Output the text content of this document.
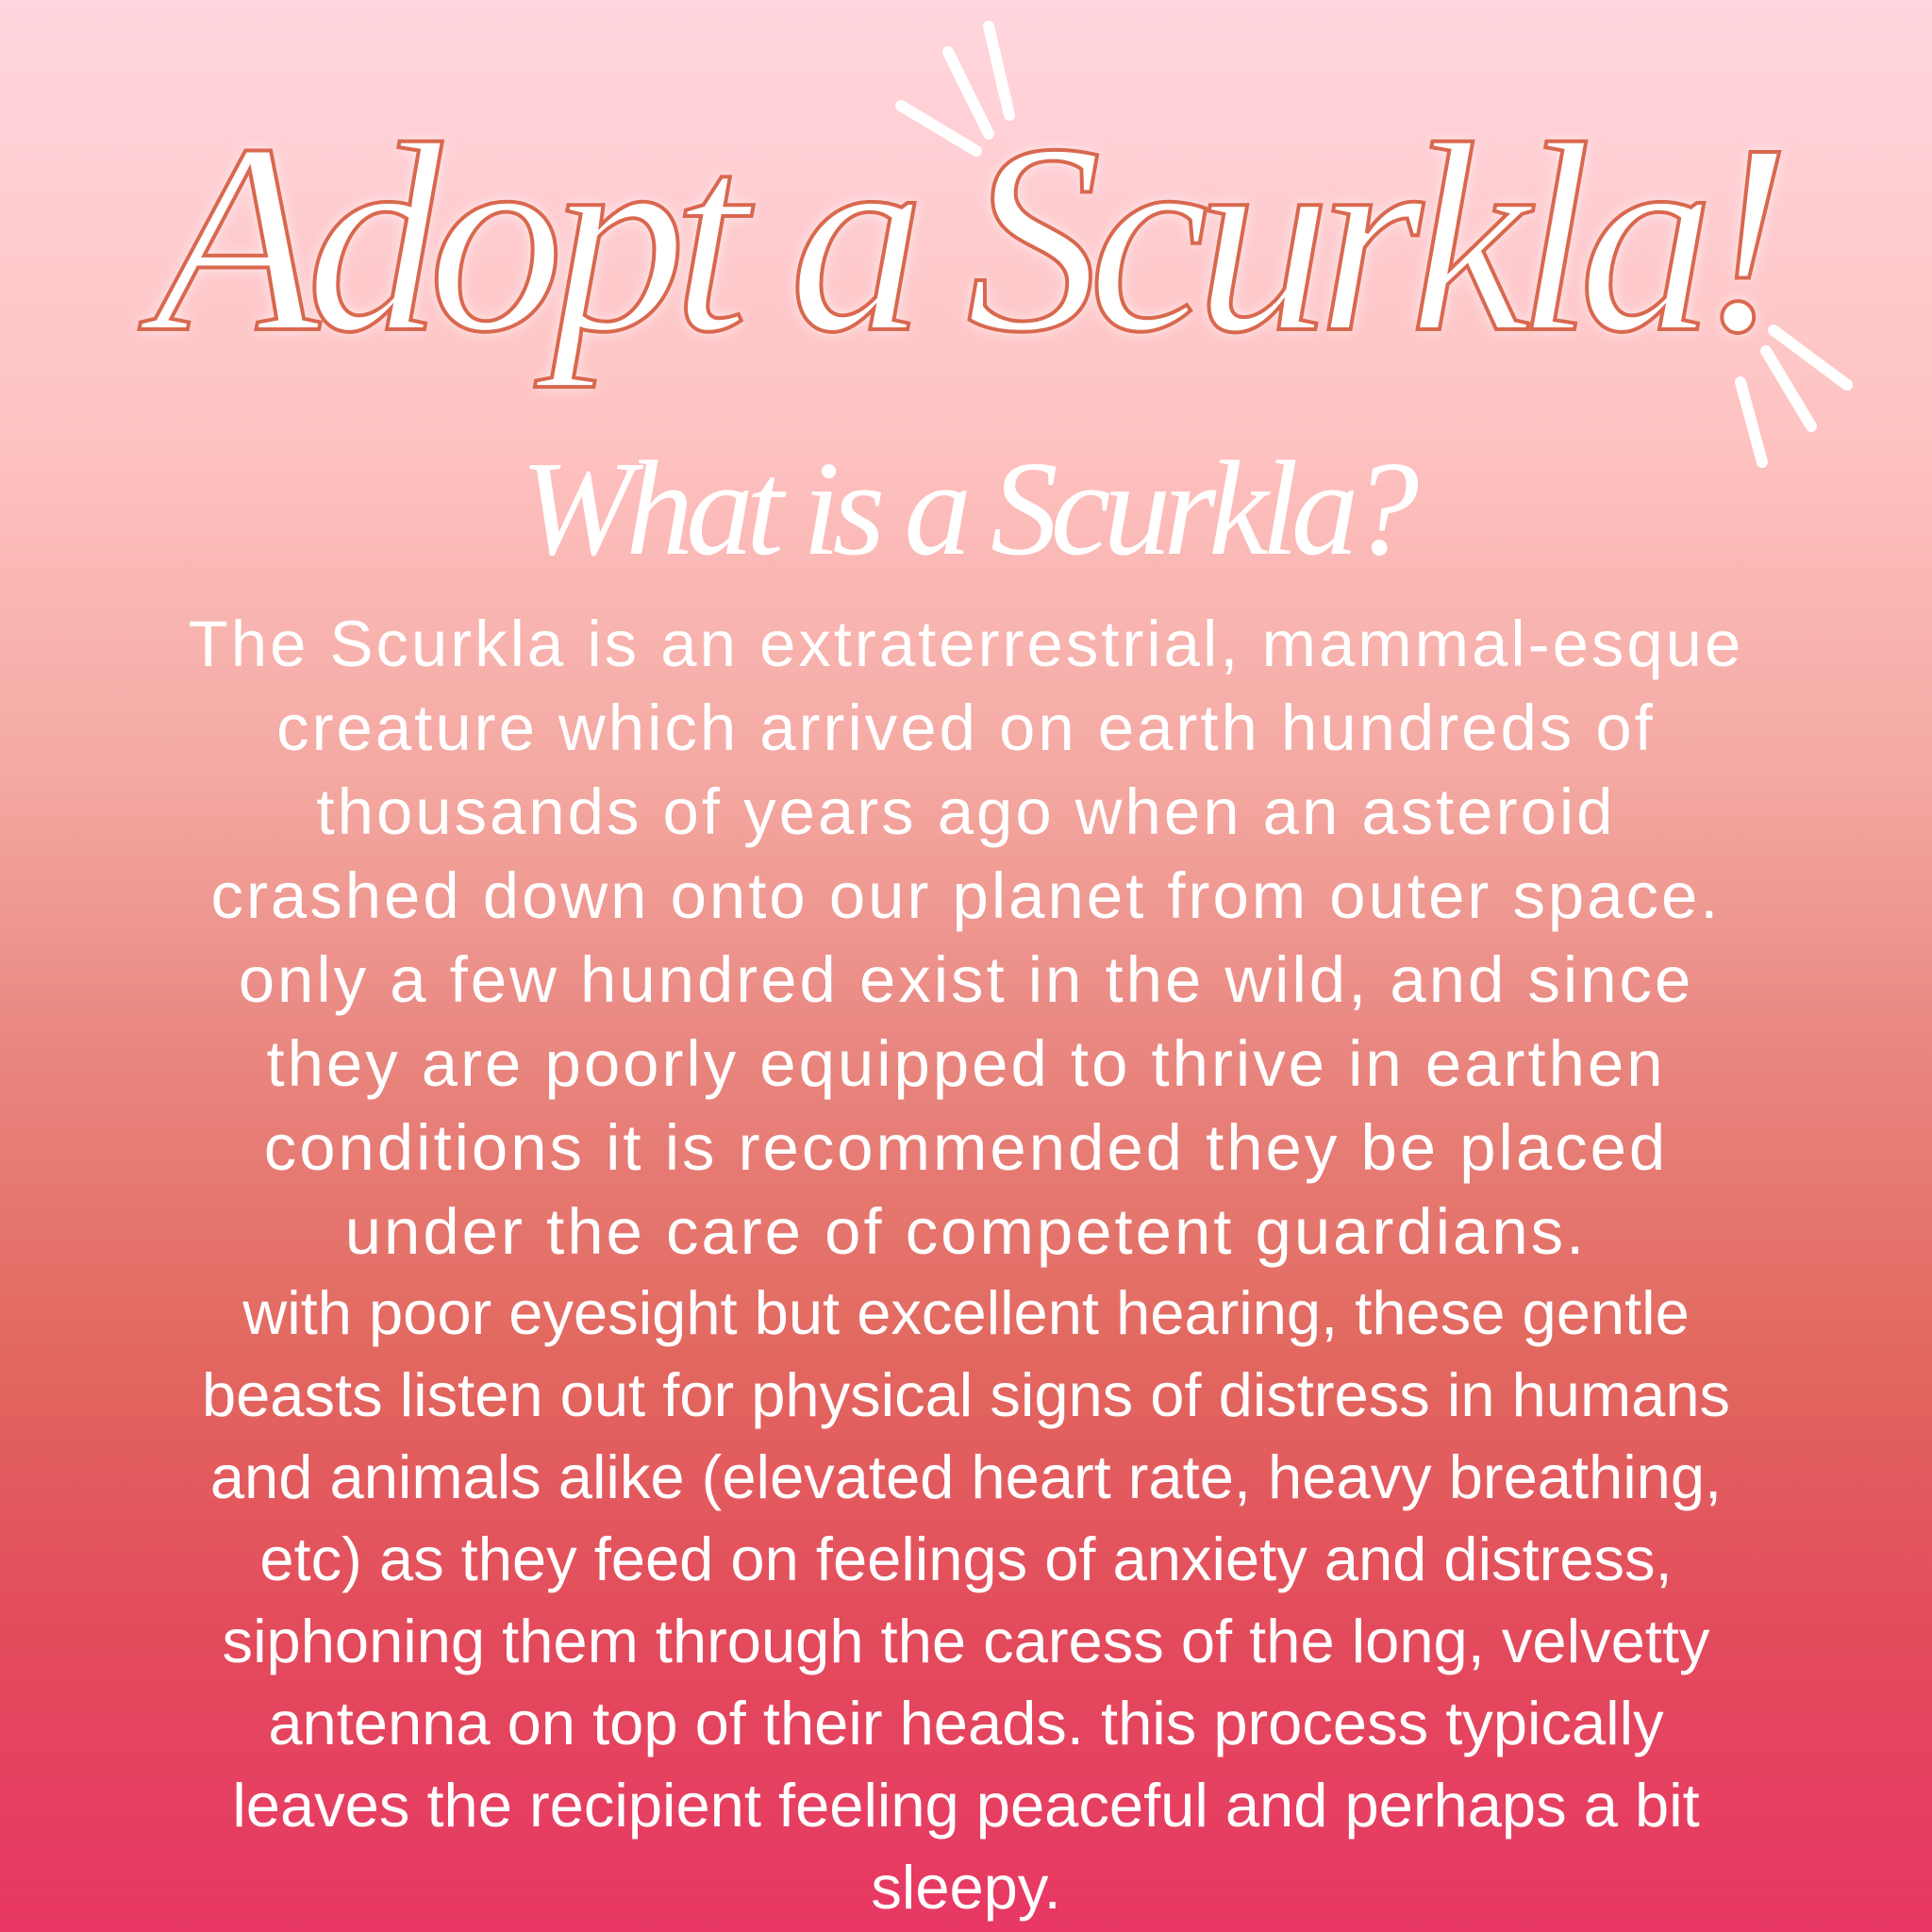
Adopt a Scurkla!
What is a Scurkla?
The Scurkla is an extraterrestrial, mammal-esque
creature which arrived on earth hundreds of
thousands of years ago when an asteroid
crashed down onto our planet from outer space.
only a few hundred exist in the wild, and since
they are poorly equipped to thrive in earthen
conditions it is recommended they be placed
under the care of competent guardians.
with poor eyesight but excellent hearing, these gentle
beasts listen out for physical signs of distress in humans
and animals alike (elevated heart rate, heavy breathing,
etc) as they feed on feelings of anxiety and distress,
siphoning them through the caress of the long, velvetty
antenna on top of their heads. this process typically
leaves the recipient feeling peaceful and perhaps a bit
sleepy.
